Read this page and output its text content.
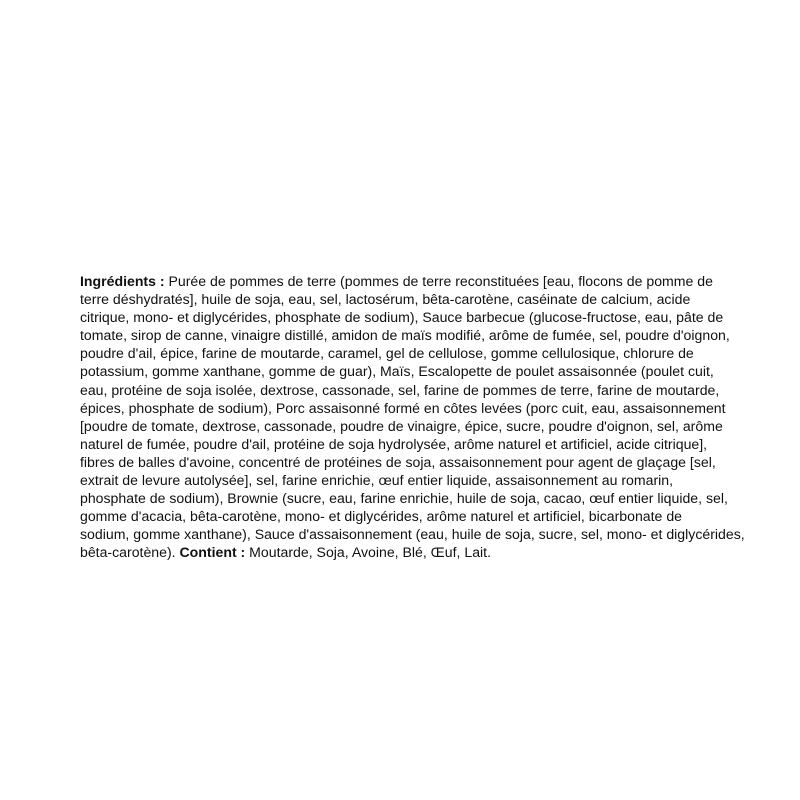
Ingrédients : Purée de pommes de terre (pommes de terre reconstituées [eau, flocons de pomme de
terre déshydratés], huile de soja, eau, sel, lactosérum, bêta-carotène, caséinate de calcium, acide
citrique, mono- et diglycérides, phosphate de sodium), Sauce barbecue (glucose-fructose, eau, pâte de
tomate, sirop de canne, vinaigre distillé, amidon de maïs modifié, arôme de fumée, sel, poudre d'oignon,
poudre d'ail, épice, farine de moutarde, caramel, gel de cellulose, gomme cellulosique, chlorure de
potassium, gomme xanthane, gomme de guar), Maïs, Escalopette de poulet assaisonnée (poulet cuit,
eau, protéine de soja isolée, dextrose, cassonade, sel, farine de pommes de terre, farine de moutarde,
épices, phosphate de sodium), Porc assaisonné formé en côtes levées (porc cuit, eau, assaisonnement
[poudre de tomate, dextrose, cassonade, poudre de vinaigre, épice, sucre, poudre d'oignon, sel, arôme
naturel de fumée, poudre d'ail, protéine de soja hydrolysée, arôme naturel et artificiel, acide citrique],
fibres de balles d'avoine, concentré de protéines de soja, assaisonnement pour agent de glaçage [sel,
extrait de levure autolysée], sel, farine enrichie, œuf entier liquide, assaisonnement au romarin,
phosphate de sodium), Brownie (sucre, eau, farine enrichie, huile de soja, cacao, œuf entier liquide, sel,
gomme d'acacia, bêta-carotène, mono- et diglycérides, arôme naturel et artificiel, bicarbonate de
sodium, gomme xanthane), Sauce d'assaisonnement (eau, huile de soja, sucre, sel, mono- et diglycérides,
bêta-carotène). Contient : Moutarde, Soja, Avoine, Blé, Œuf, Lait.
